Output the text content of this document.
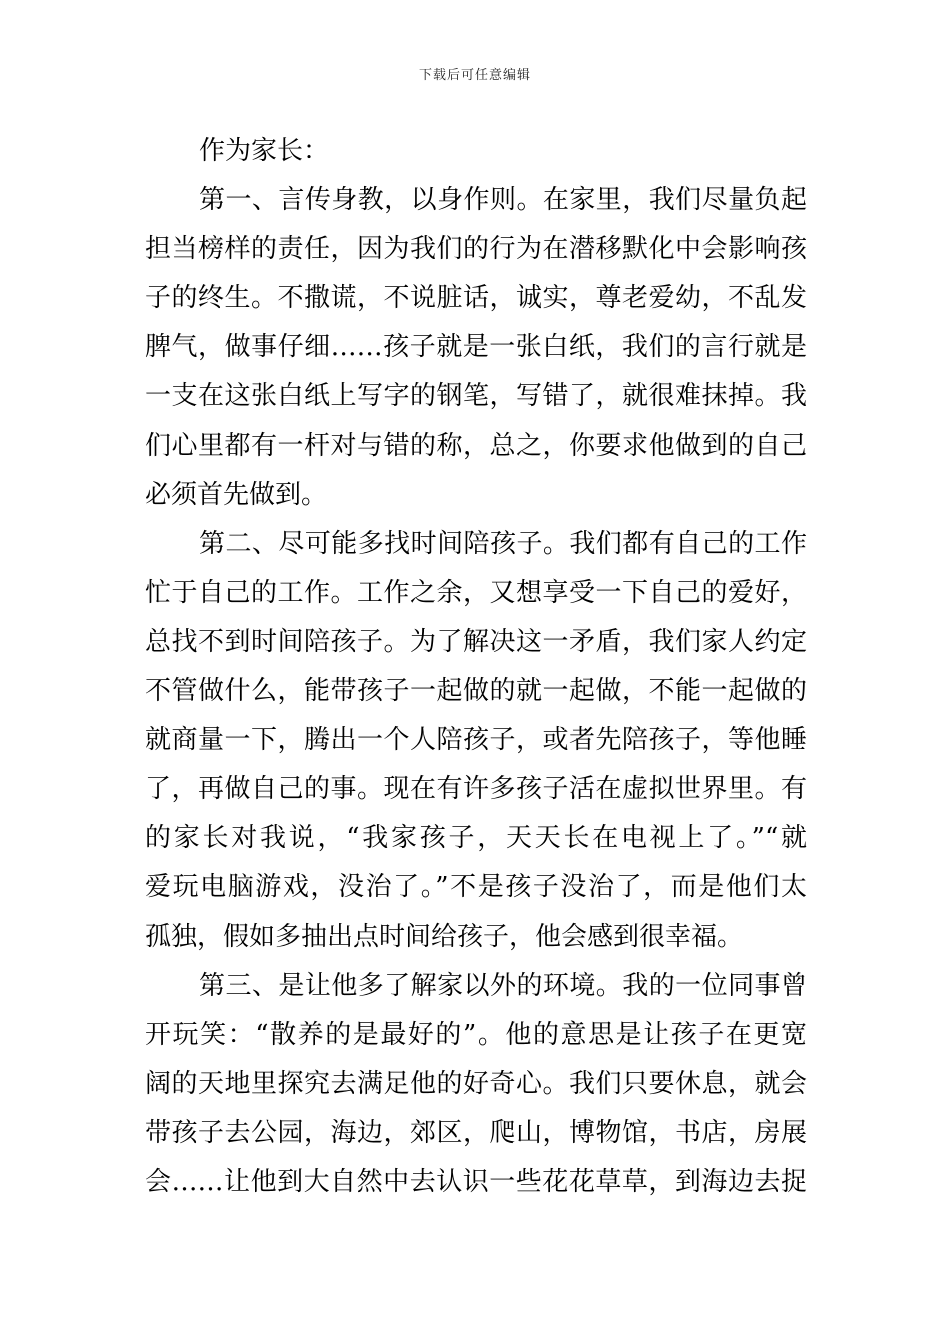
下载后可任意编辑
作为家长：
第一、言传身教，以身作则。在家里，我们尽量负起
担当榜样的责任，因为我们的行为在潜移默化中会影响孩
子的终生。不撒谎，不说脏话，诚实，尊老爱幼，不乱发
脾气，做事仔细……孩子就是一张白纸，我们的言行就是
一支在这张白纸上写字的钢笔，写错了，就很难抹掉。我
们心里都有一杆对与错的称，总之，你要求他做到的自己
必须首先做到。
第二、尽可能多找时间陪孩子。我们都有自己的工作
忙于自己的工作。工作之余，又想享受一下自己的爱好，
总找不到时间陪孩子。为了解决这一矛盾，我们家人约定
不管做什么，能带孩子一起做的就一起做，不能一起做的
就商量一下，腾出一个人陪孩子，或者先陪孩子，等他睡
了，再做自己的事。现在有许多孩子活在虚拟世界里。有
的家长对我说，“我家孩子，天天长在电视上了。”“就
爱玩电脑游戏，没治了。”不是孩子没治了，而是他们太
孤独，假如多抽出点时间给孩子，他会感到很幸福。
第三、是让他多了解家以外的环境。我的一位同事曾
开玩笑：“散养的是最好的”。他的意思是让孩子在更宽
阔的天地里探究去满足他的好奇心。我们只要休息，就会
带孩子去公园，海边，郊区，爬山，博物馆，书店，房展
会……让他到大自然中去认识一些花花草草，到海边去捉
